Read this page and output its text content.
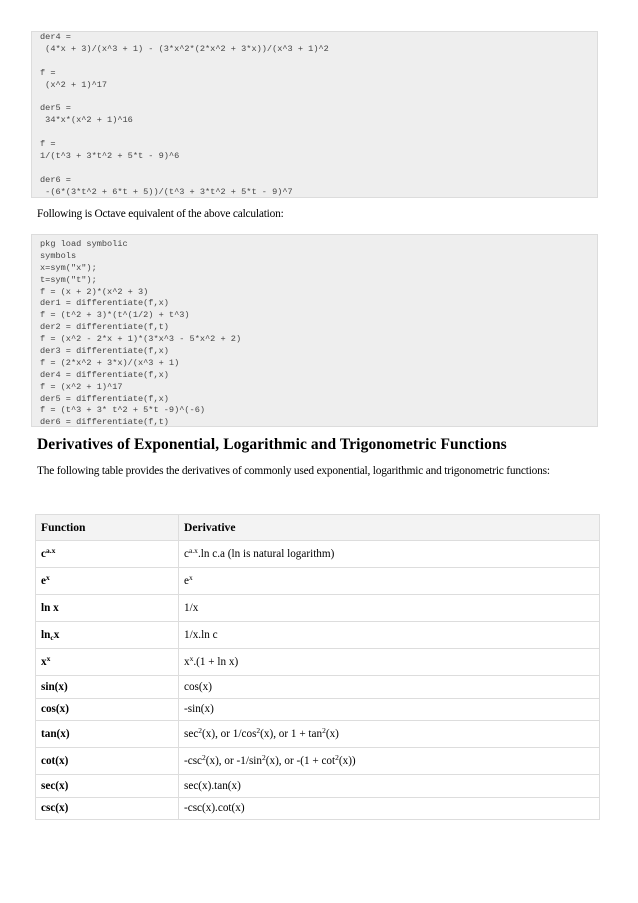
der4 =
(4*x + 3)/(x^3 + 1) - (3*x^2*(2*x^2 + 3*x))/(x^3 + 1)^2
f =
(x^2 + 1)^17
der5 =
34*x*(x^2 + 1)^16
f =
1/(t^3 + 3*t^2 + 5*t - 9)^6
der6 =
-(6*(3*t^2 + 6*t + 5))/(t^3 + 3*t^2 + 5*t - 9)^7
Following is Octave equivalent of the above calculation:
pkg load symbolic
symbols
x=sym("x");
t=sym("t");
f = (x + 2)*(x^2 + 3)
der1 = differentiate(f,x)
f = (t^2 + 3)*(t^(1/2) + t^3)
der2 = differentiate(f,t)
f = (x^2 - 2*x + 1)*(3*x^3 - 5*x^2 + 2)
der3 = differentiate(f,x)
f = (2*x^2 + 3*x)/(x^3 + 1)
der4 = differentiate(f,x)
f = (x^2 + 1)^17
der5 = differentiate(f,x)
f = (t^3 + 3* t^2 + 5*t -9)^(-6)
der6 = differentiate(f,t)
Derivatives of Exponential, Logarithmic and Trigonometric Functions
The following table provides the derivatives of commonly used exponential, logarithmic and trigonometric functions:
Function	Derivative
$c^{a.x}$	$c^{a.x}.\ln$ c.a (ln is natural logarithm)
$e^x$	$e^x$
ln x	1/x
$\ln_cx$	1/x.ln c
$x^x$	$x^x.(1 + \ln x)$
sin(x)	cos(x)
cos(x)	-sin(x)
tan(x)	$\sec^2(x)$, or $1/\cos^2(x)$, or $1 + \tan^2(x)$
cot(x)	$-\csc^2(x)$, or $-1/\sin^2(x)$, or $-(1 + \cot^2(x))$
sec(x)	sec(x).tan(x)
csc(x)	-csc(x).cot(x)
